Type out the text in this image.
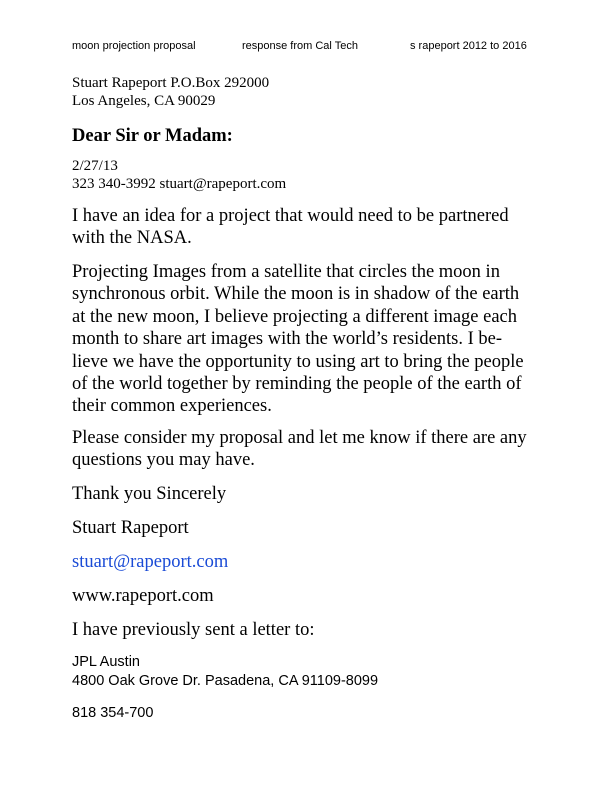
moon projection proposal	response from Cal Tech	s rapeport 2012 to 2016
Stuart Rapeport P.O.Box 292000
Los Angeles, CA 90029
Dear Sir or Madam:
2/27/13
323 340-3992 stuart@rapeport.com
I have an idea for a project that would need to be partnered
with the NASA.
Projecting Images from a satellite that circles the moon in
synchronous orbit. While the moon is in shadow of the earth
at the new moon, I believe projecting a different image each
month to share art images with the world’s residents. I be-
lieve we have the opportunity to using art to bring the people
of the world together by reminding the people of the earth of
their common experiences.
Please consider my proposal and let me know if there are any
questions you may have.
Thank you Sincerely
Stuart Rapeport
stuart@rapeport.com
www.rapeport.com
I have previously sent a letter to:
JPL Austin
4800 Oak Grove Dr. Pasadena, CA 91109-8099
818 354-700
